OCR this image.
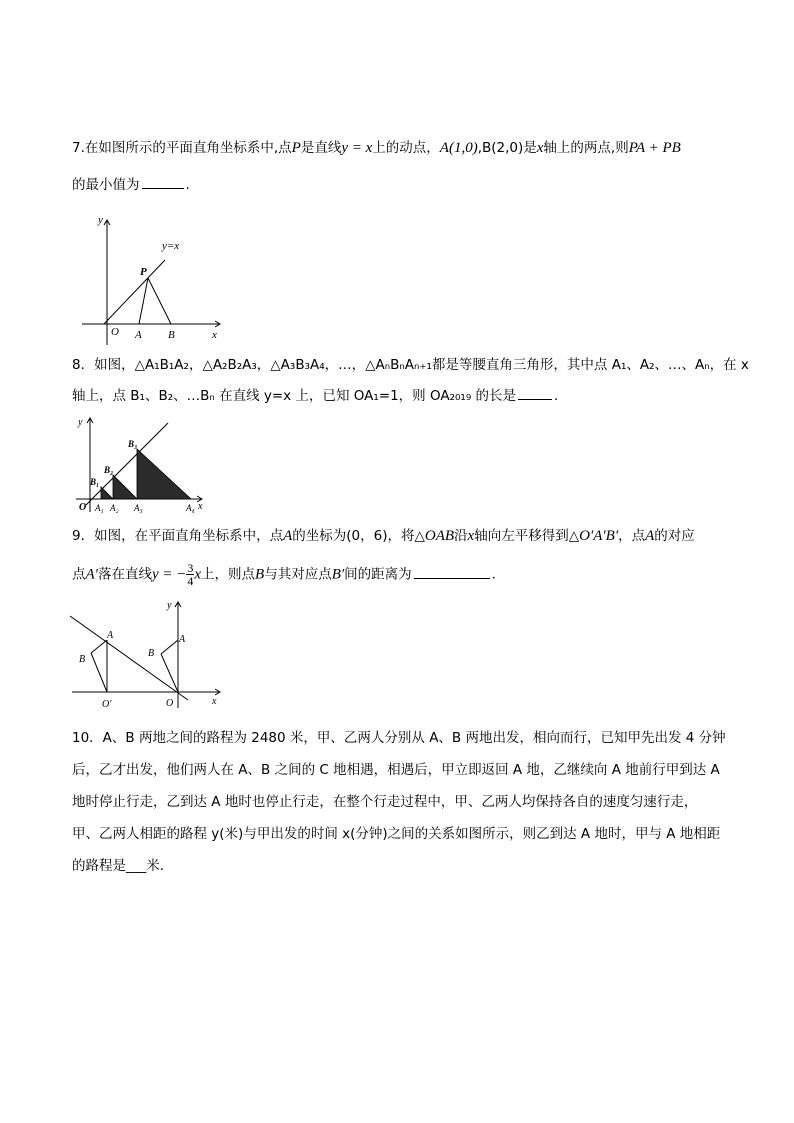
7.在如图所示的平面直角坐标系中,点P是直线y = x上的动点，A(1,0),B(2,0)是x轴上的两点,则PA + PB
的最小值为	.
y
y=x
P
O A B	x
8．如图，△A₁B₁A₂，△A₂B₂A₃，△A₃B₃A₄，…，△AₙBₙAₙ₊₁都是等腰直角三角形，其中点 A₁、A₂、…、Aₙ，在 x
轴上，点 B₁、B₂、…Bₙ 在直线 y=x 上，已知 OA₁=1，则 OA₂₀₁₉ 的长是	.
y
x
O A₁ A₂ A₃	A₄
B₁
B₂
B₃
9．如图，在平面直角坐标系中，点A的坐标为(0，6)，将△OAB沿x轴向左平移得到△O′A′B′，点A的对应
点A′落在直线y = − $\frac{3}{4}$ x上，则点B与其对应点B′间的距离为	.
y
x
A
B
O′
A
B
O
10．A、B 两地之间的路程为 2480 米，甲、乙两人分别从 A、B 两地出发，相向而行，已知甲先出发 4 分钟
后，乙才出发，他们两人在 A、B 之间的 C 地相遇，相遇后，甲立即返回 A 地，乙继续向 A 地前行甲到达 A
地时停止行走，乙到达 A 地时也停止行走，在整个行走过程中，甲、乙两人均保持各自的速度匀速行走，
甲、乙两人相距的路程 y(米)与甲出发的时间 x(分钟)之间的关系如图所示，则乙到达 A 地时，甲与 A 地相距
的路程是___米．
